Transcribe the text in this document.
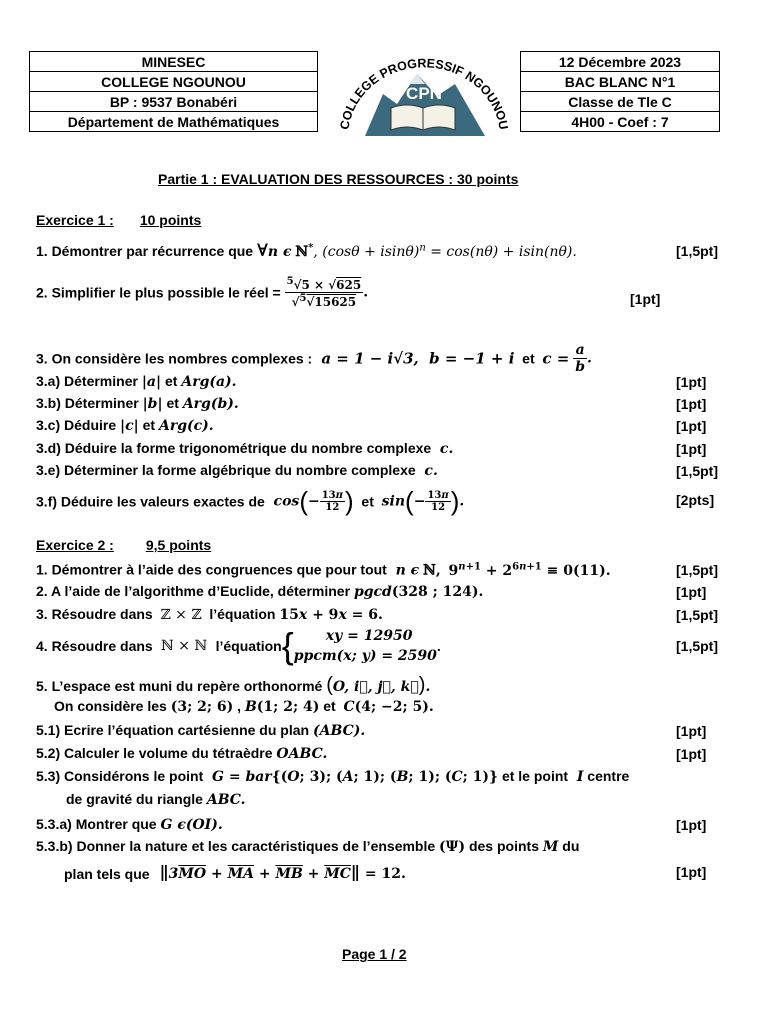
MINESEC
COLLEGE NGOUNOU
BP : 9537 Bonabéri
Département de Mathématiques	COLLEGE PROGRESSIF NGOUNOU
CPN
12 Décembre 2023
BAC BLANC N°1
Classe de Tle C
4H00 - Coef : 7
Partie 1 : EVALUATION DES RESSOURCES : 30 points
Exercice 1 : 10 points
1. Démontrer par récurrence que ∀n ϵ ℕ*, $(\cos\theta + isin\theta)^n = \cos(n\theta) + isin(n\theta)$.	[1,5pt]
2. Simplifier le plus possible le réel = $\frac{^5√5 \times √625}{√^5√15625}$ .	[1pt]
3. On considère les nombres complexes :  a = 1 − i√3,  b = −1 + i  et  $c = \frac{a}{b}$ .
3.a) Déterminer |a| et Arg(a).	[1pt]
3.b) Déterminer |b| et Arg(b).	[1pt]
3.c) Déduire |c| et Arg(c).	[1pt]
3.d) Déduire la forme trigonométrique du nombre complexe  c.	[1pt]
3.e) Déterminer la forme algébrique du nombre complexe  c.	[1,5pt]
3.f) Déduire les valeurs exactes de  $\cos(- \frac{13\pi}{12}$ )  et  $\sin(- \frac{13\pi}{12}$ ).	[2pts]
Exercice 2 : 9,5 points
1. Démontrer à l’aide des congruences que pour tout  n ϵ ℕ, $9^{n+1} + 2^{6n+1} \equiv 0(11)$.	[1,5pt]
2. A l’aide de l’algorithme d’Euclide, déterminer pgcd(328 ; 124).	[1pt]
3. Résoudre dans ℤ × ℤ l’équation 15x + 9x = 6.	[1,5pt]
4. Résoudre dans  ℕ × ℕ  l’équation{	xy = 12950
ppcm(x; y) = 2590
.	[1,5pt]
5. L’espace est muni du repère orthonormé (O, i⃗, j⃗, k⃗).
On considère les (3; 2; 6) , B(1; 2; 4) et C(4; −2; 5).
5.1) Ecrire l’équation cartésienne du plan (ABC).	[1pt]
5.2) Calculer le volume du tétraèdre OABC.	[1pt]
5.3) Considérons le point  G = bar{(O; 3); (A; 1); (B; 1); (C; 1)} et le point  I centre
de gravité du riangle ABC.
5.3.a) Montrer que G ϵ(OI).	[1pt]
5.3.b) Donner la nature et les caractéristiques de l’ensemble (Ψ) des points M du
plan tels que  $‖3\overline{MO} + \overline{MA} + \overline{MB}$ + $\overline{MC}‖ = 12$.	[1pt]
Page 1 / 2
